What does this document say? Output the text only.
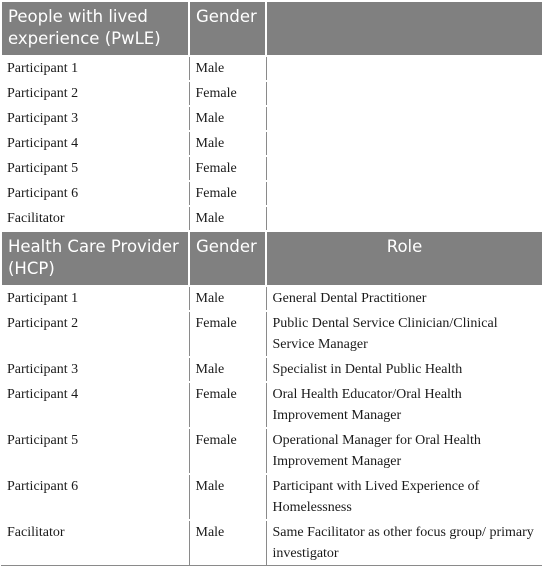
People with lived experience (PwLE)	Gender	
Participant 1	Male	
Participant 2	Female	
Participant 3	Male	
Participant 4	Male	
Participant 5	Female	
Participant 6	Female	
Facilitator	Male	
Health Care Provider (HCP)	Gender	Role
Participant 1	Male	General Dental Practitioner
Participant 2	Female	Public Dental Service Clinician/Clinical Service Manager
Participant 3	Male	Specialist in Dental Public Health
Participant 4	Female	Oral Health Educator/Oral Health Improvement Manager
Participant 5	Female	Operational Manager for Oral Health Improvement Manager
Participant 6	Male	Participant with Lived Experience of Homelessness
Facilitator	Male	Same Facilitator as other focus group/ primary investigator
